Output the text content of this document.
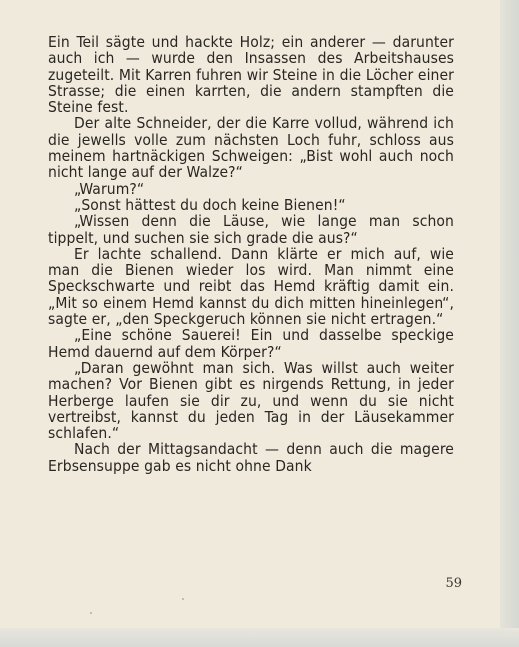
Ein Teil sägte und hackte Holz; ein anderer — darunter auch ich — wurde den Insassen des Arbeitshauses zugeteilt. Mit Karren fuhren wir Steine in die Löcher einer Strasse; die einen karrten, die andern stampften die Steine fest.

Der alte Schneider, der die Karre vollud, während ich die jewells volle zum nächsten Loch fuhr, schloss aus meinem hartnäckigen Schweigen: „Bist wohl auch noch nicht lange auf der Walze?“

„Warum?“

„Sonst hättest du doch keine Bienen!“

„Wissen denn die Läuse, wie lange man schon tippelt, und suchen sie sich grade die aus?“

Er lachte schallend. Dann klärte er mich auf, wie man die Bienen wieder los wird. Man nimmt eine Speckschwarte und reibt das Hemd kräftig damit ein. „Mit so einem Hemd kannst du dich mitten hineinlegen“, sagte er, „den Speckgeruch können sie nicht ertragen.“

„Eine schöne Sauerei! Ein und dasselbe speckige Hemd dauernd auf dem Körper?“

„Daran gewöhnt man sich. Was willst auch weiter machen? Vor Bienen gibt es nirgends Rettung, in jeder Herberge laufen sie dir zu, und wenn du sie nicht vertreibst, kannst du jeden Tag in der Läusekammer schlafen.“

Nach der Mittagsandacht — denn auch die magere Erbsensuppe gab es nicht ohne Dank

59
